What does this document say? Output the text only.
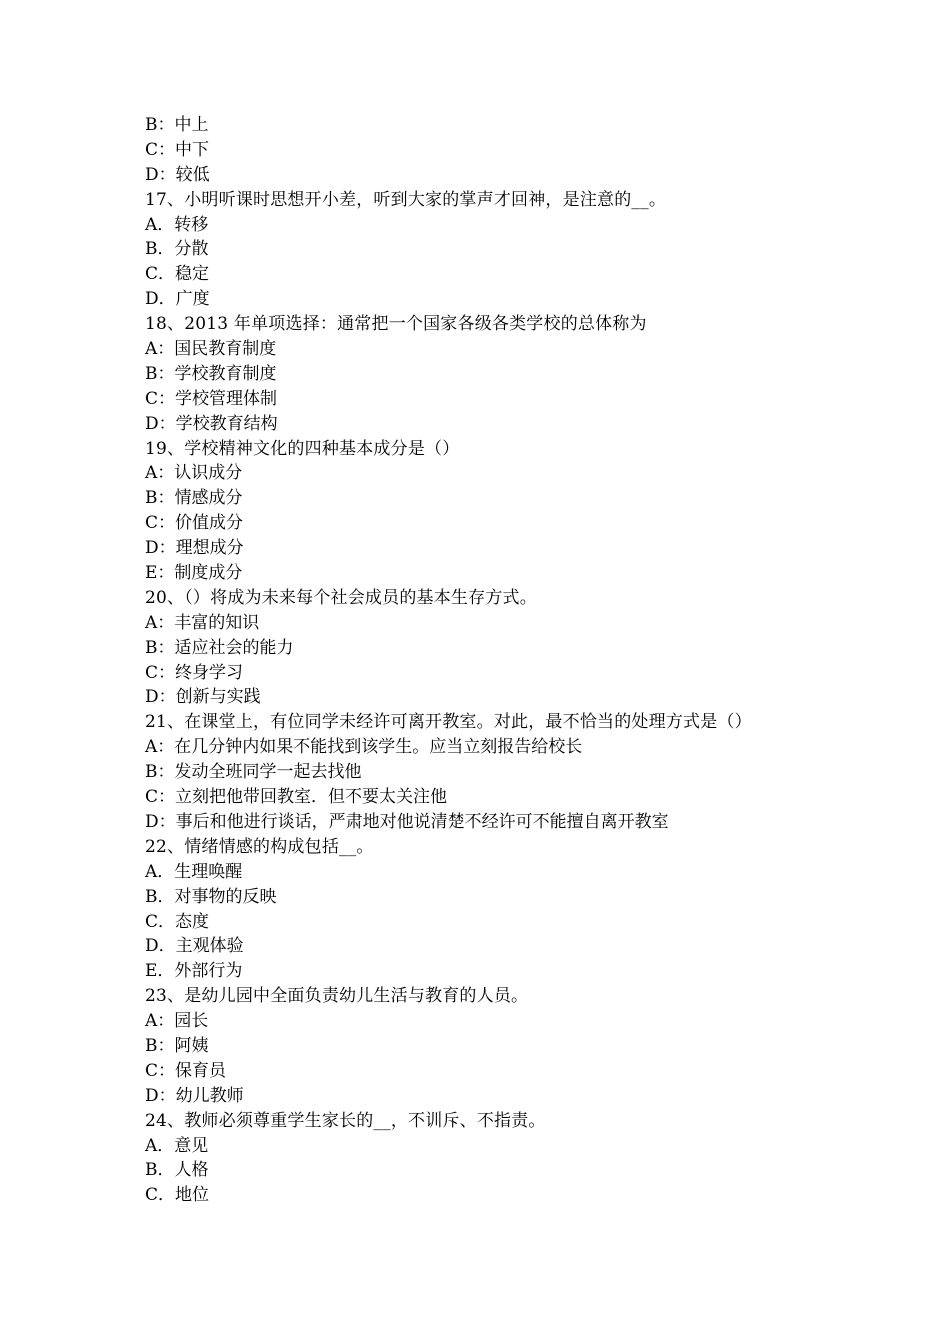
B：中上
C：中下
D：较低
17、小明听课时思想开小差，听到大家的掌声才回神，是注意的__。
A．转移
B．分散
C．稳定
D．广度
18、2013 年单项选择：通常把一个国家各级各类学校的总体称为
A：国民教育制度
B：学校教育制度
C：学校管理体制
D：学校教育结构
19、学校精神文化的四种基本成分是（）
A：认识成分
B：情感成分
C：价值成分
D：理想成分
E：制度成分
20、（）将成为未来每个社会成员的基本生存方式。
A：丰富的知识
B：适应社会的能力
C：终身学习
D：创新与实践
21、在课堂上，有位同学未经许可离开教室。对此，最不恰当的处理方式是（）
A：在几分钟内如果不能找到该学生。应当立刻报告给校长
B：发动全班同学一起去找他
C：立刻把他带回教室．但不要太关注他
D：事后和他进行谈话，严肃地对他说清楚不经许可不能擅自离开教室
22、情绪情感的构成包括__。
A．生理唤醒
B．对事物的反映
C．态度
D．主观体验
E．外部行为
23、是幼儿园中全面负责幼儿生活与教育的人员。
A：园长
B：阿姨
C：保育员
D：幼儿教师
24、教师必须尊重学生家长的__，不训斥、不指责。
A．意见
B．人格
C．地位
